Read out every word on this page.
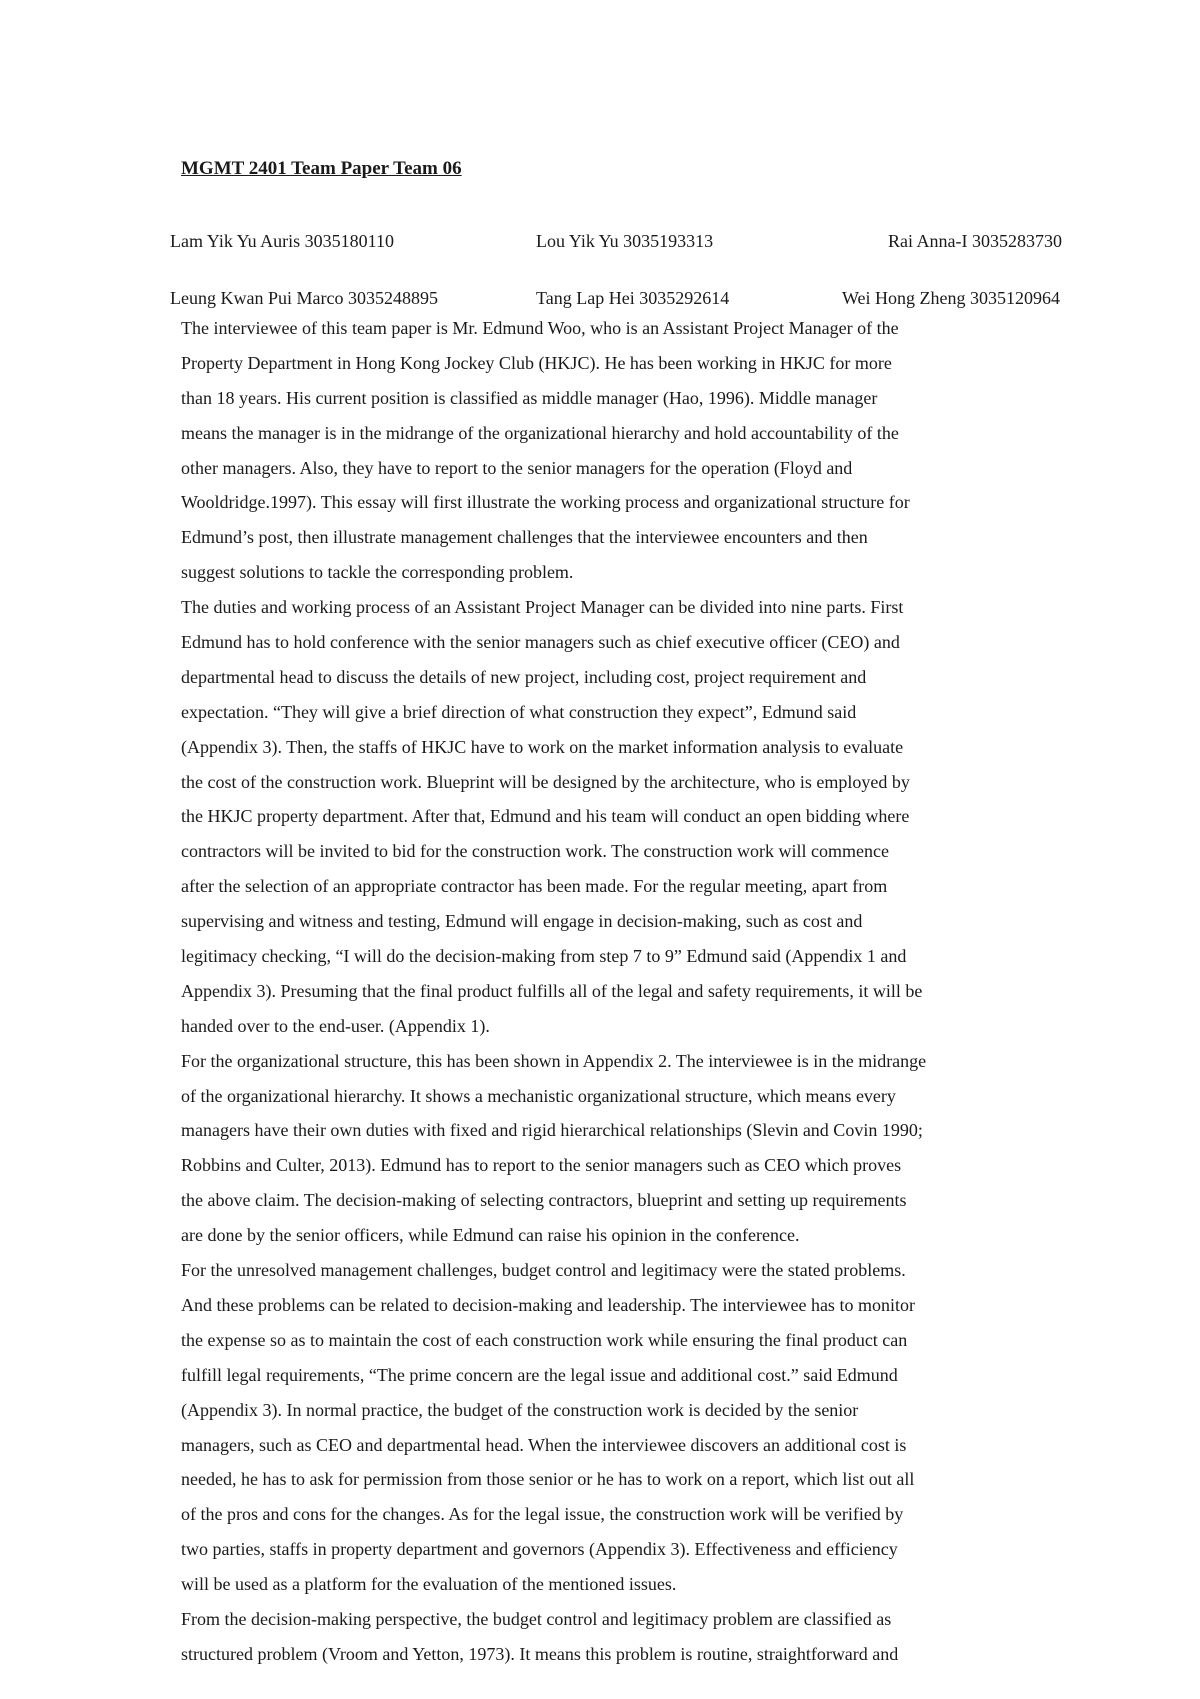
MGMT 2401 Team Paper Team 06
Lam Yik Yu Auris 3035180110	Lou Yik Yu 3035193313	Rai Anna-I 3035283730
Leung Kwan Pui Marco 3035248895	Tang Lap Hei 3035292614	Wei Hong Zheng 3035120964
The interviewee of this team paper is Mr. Edmund Woo, who is an Assistant Project Manager of the
Property Department in Hong Kong Jockey Club (HKJC). He has been working in HKJC for more
than 18 years. His current position is classified as middle manager (Hao, 1996). Middle manager
means the manager is in the midrange of the organizational hierarchy and hold accountability of the
other managers. Also, they have to report to the senior managers for the operation (Floyd and
Wooldridge.1997). This essay will first illustrate the working process and organizational structure for
Edmund’s post, then illustrate management challenges that the interviewee encounters and then
suggest solutions to tackle the corresponding problem.
The duties and working process of an Assistant Project Manager can be divided into nine parts. First
Edmund has to hold conference with the senior managers such as chief executive officer (CEO) and
departmental head to discuss the details of new project, including cost, project requirement and
expectation. “They will give a brief direction of what construction they expect”, Edmund said
(Appendix 3). Then, the staffs of HKJC have to work on the market information analysis to evaluate
the cost of the construction work. Blueprint will be designed by the architecture, who is employed by
the HKJC property department. After that, Edmund and his team will conduct an open bidding where
contractors will be invited to bid for the construction work. The construction work will commence
after the selection of an appropriate contractor has been made. For the regular meeting, apart from
supervising and witness and testing, Edmund will engage in decision-making, such as cost and
legitimacy checking, “I will do the decision-making from step 7 to 9” Edmund said (Appendix 1 and
Appendix 3). Presuming that the final product fulfills all of the legal and safety requirements, it will be
handed over to the end-user. (Appendix 1).
For the organizational structure, this has been shown in Appendix 2. The interviewee is in the midrange
of the organizational hierarchy. It shows a mechanistic organizational structure, which means every
managers have their own duties with fixed and rigid hierarchical relationships (Slevin and Covin 1990;
Robbins and Culter, 2013). Edmund has to report to the senior managers such as CEO which proves
the above claim. The decision-making of selecting contractors, blueprint and setting up requirements
are done by the senior officers, while Edmund can raise his opinion in the conference.
For the unresolved management challenges, budget control and legitimacy were the stated problems.
And these problems can be related to decision-making and leadership. The interviewee has to monitor
the expense so as to maintain the cost of each construction work while ensuring the final product can
fulfill legal requirements, “The prime concern are the legal issue and additional cost.” said Edmund
(Appendix 3). In normal practice, the budget of the construction work is decided by the senior
managers, such as CEO and departmental head. When the interviewee discovers an additional cost is
needed, he has to ask for permission from those senior or he has to work on a report, which list out all
of the pros and cons for the changes. As for the legal issue, the construction work will be verified by
two parties, staffs in property department and governors (Appendix 3). Effectiveness and efficiency
will be used as a platform for the evaluation of the mentioned issues.
From the decision-making perspective, the budget control and legitimacy problem are classified as
structured problem (Vroom and Yetton, 1973). It means this problem is routine, straightforward and
